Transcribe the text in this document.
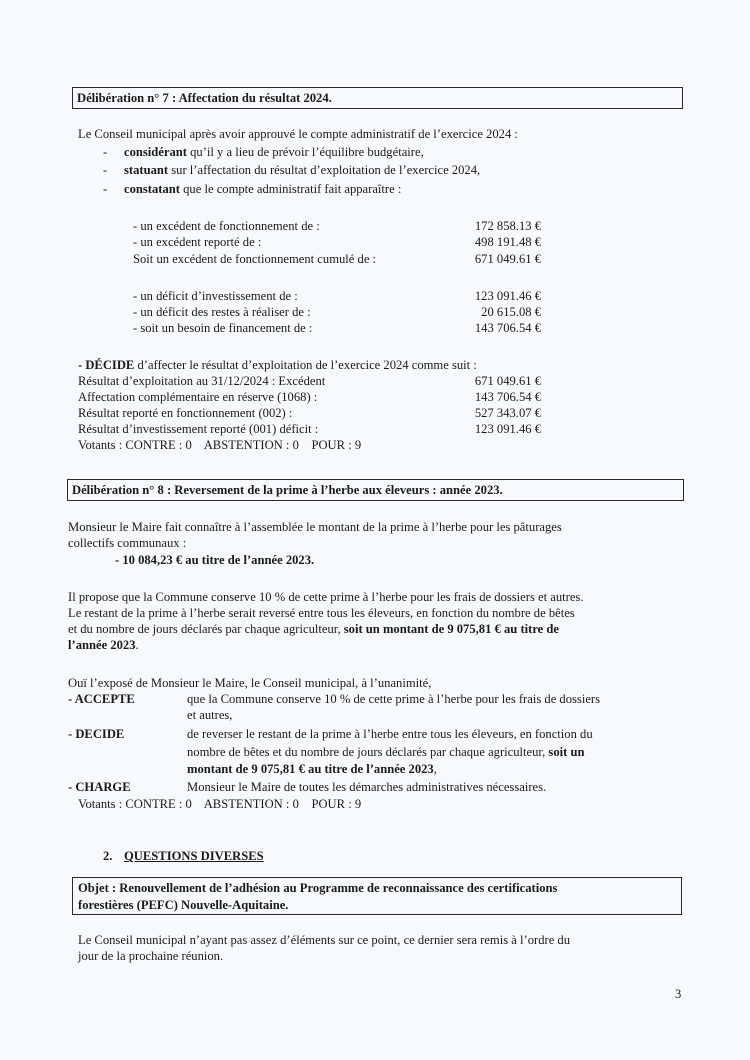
Délibération n° 7 : Affectation du résultat 2024.
Le Conseil municipal après avoir approuvé le compte administratif de l’exercice 2024 :
- considérant qu’il y a lieu de prévoir l’équilibre budgétaire,
- statuant sur l’affectation du résultat d’exploitation de l’exercice 2024,
- constatant que le compte administratif fait apparaître :
- un excédent de fonctionnement de :	172 858.13 €
- un excédent reporté de :	498 191.48 €
Soit un excédent de fonctionnement cumulé de :	671 049.61 €
- un déficit d’investissement de :	123 091.46 €
- un déficit des restes à réaliser de :	20 615.08 €
- soit un besoin de financement de :	143 706.54 €
- DÉCIDE d’affecter le résultat d’exploitation de l’exercice 2024 comme suit :
Résultat d’exploitation au 31/12/2024 : Excédent	671 049.61 €
Affectation complémentaire en réserve (1068) :	143 706.54 €
Résultat reporté en fonctionnement (002) :	527 343.07 €
Résultat d’investissement reporté (001) déficit :	123 091.46 €
Votants : CONTRE : 0    ABSTENTION : 0    POUR : 9
Délibération n° 8 : Reversement de la prime à l’herbe aux éleveurs : année 2023.
Monsieur le Maire fait connaître à l’assemblée le montant de la prime à l’herbe pour les pâturages
collectifs communaux :
- 10 084,23 € au titre de l’année 2023.
Il propose que la Commune conserve 10 % de cette prime à l’herbe pour les frais de dossiers et autres.
Le restant de la prime à l’herbe serait reversé entre tous les éleveurs, en fonction du nombre de bêtes
et du nombre de jours déclarés par chaque agriculteur, soit un montant de 9 075,81 € au titre de
l’année 2023.
Ouï l’exposé de Monsieur le Maire, le Conseil municipal, à l’unanimité,
- ACCEPTE	que la Commune conserve 10 % de cette prime à l’herbe pour les frais de dossiers
et autres,
- DECIDE	de reverser le restant de la prime à l’herbe entre tous les éleveurs, en fonction du
nombre de bêtes et du nombre de jours déclarés par chaque agriculteur, soit un
montant de 9 075,81 € au titre de l’année 2023,
- CHARGE	Monsieur le Maire de toutes les démarches administratives nécessaires.
Votants : CONTRE : 0    ABSTENTION : 0    POUR : 9
2. QUESTIONS DIVERSES
Objet : Renouvellement de l’adhésion au Programme de reconnaissance des certifications
forestières (PEFC) Nouvelle-Aquitaine.
Le Conseil municipal n’ayant pas assez d’éléments sur ce point, ce dernier sera remis à l’ordre du
jour de la prochaine réunion.
3
